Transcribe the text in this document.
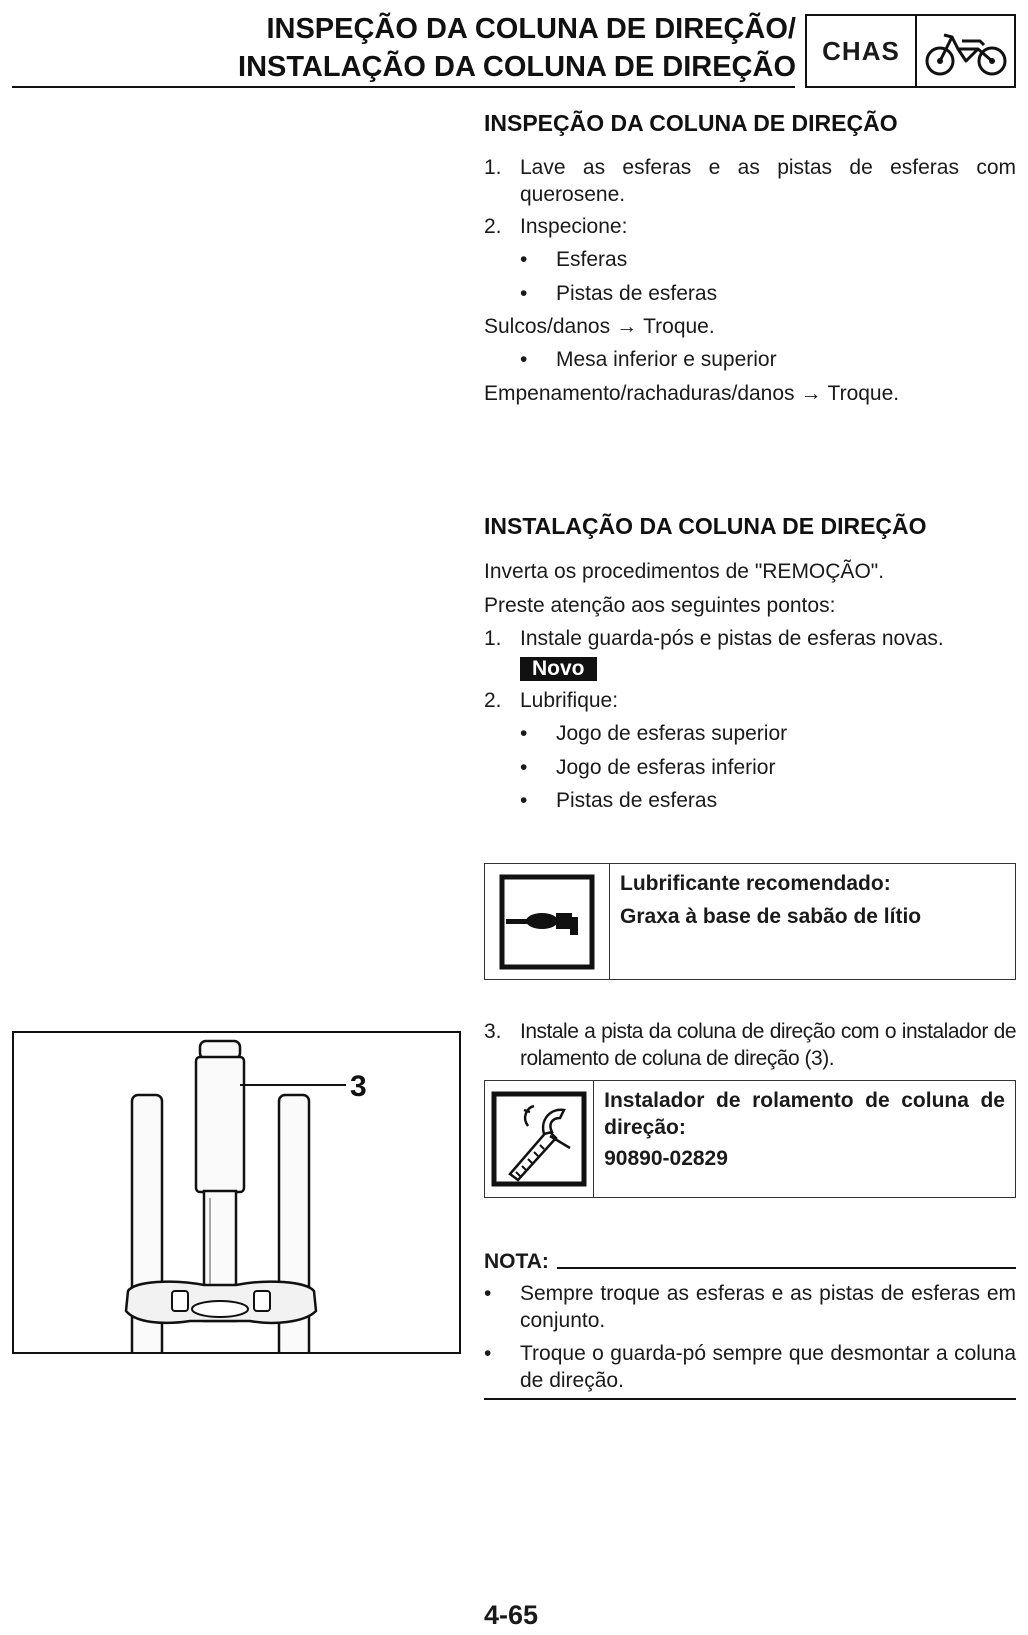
INSPEÇÃO DA COLUNA DE DIREÇÃO/
INSTALAÇÃO DA COLUNA DE DIREÇÃO
CHAS
INSPEÇÃO DA COLUNA DE DIREÇÃO
1. Lave as esferas e as pistas de esferas com querosene.
2. Inspecione:
• Esferas
• Pistas de esferas
Sulcos/danos → Troque.
• Mesa inferior e superior
Empenamento/rachaduras/danos → Troque.
INSTALAÇÃO DA COLUNA DE DIREÇÃO
Inverta os procedimentos de "REMOÇÃO".
Preste atenção aos seguintes pontos:
1. Instale guarda-pós e pistas de esferas novas.
Novo
2. Lubrifique:
• Jogo de esferas superior
• Jogo de esferas inferior
• Pistas de esferas
Lubrificante recomendado:
Graxa à base de sabão de lítio
3
3. Instale a pista da coluna de direção com o instalador de rolamento de coluna de direção (3).
Instalador de rolamento de coluna de direção:
90890-02829
NOTA:
• Sempre troque as esferas e as pistas de esferas em conjunto.
• Troque o guarda-pó sempre que desmontar a coluna de direção.
4-65
